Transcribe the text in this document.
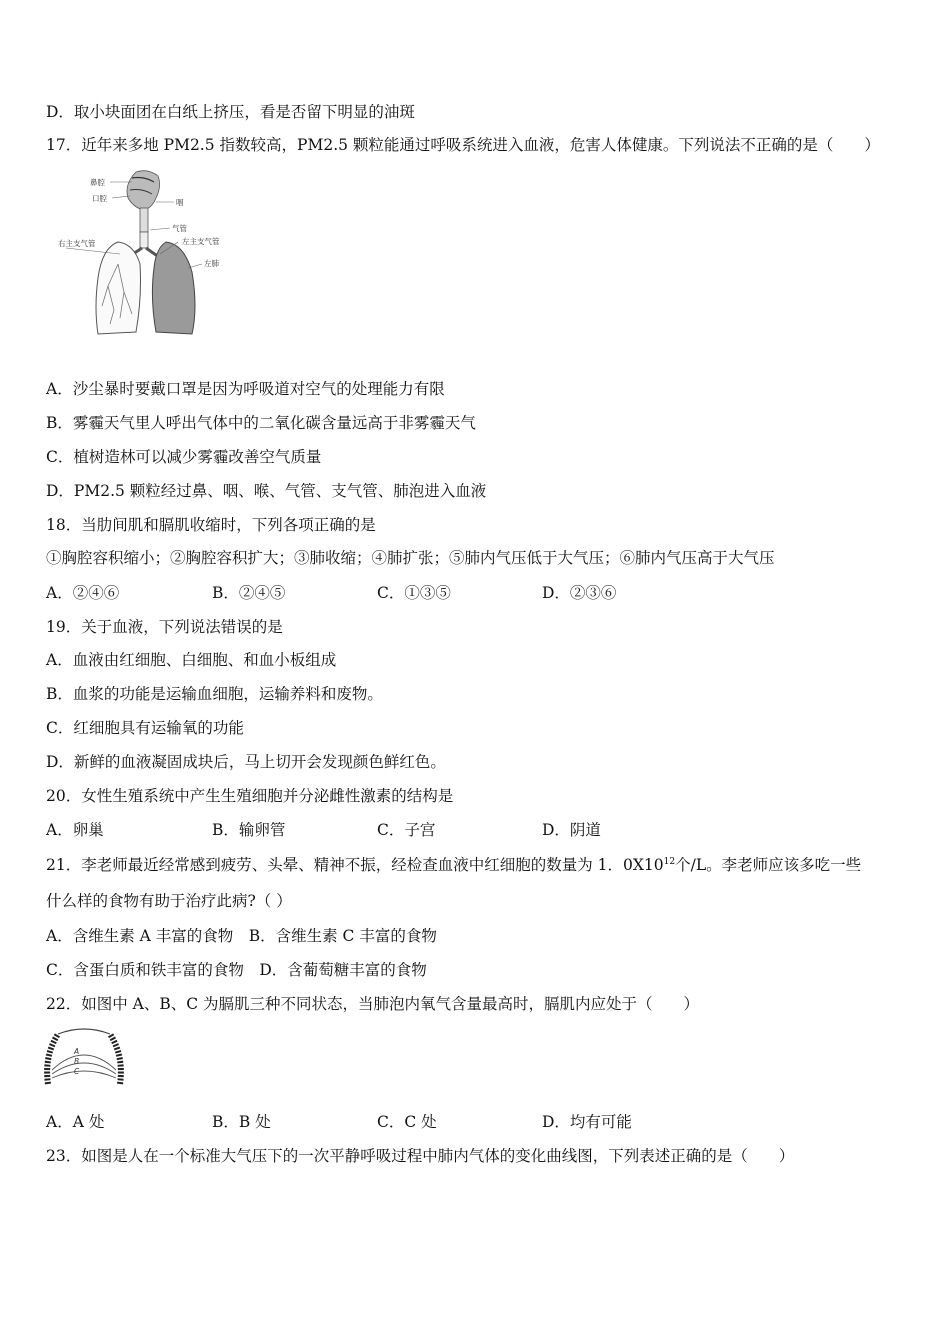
D．取小块面团在白纸上挤压，看是否留下明显的油斑
17．近年来多地 PM2.5 指数较高，PM2.5 颗粒能通过呼吸系统进入血液，危害人体健康。下列说法不正确的是（　　）
鼻腔
口腔	咽
气管
右主支气管	左主支气管
左肺
A．沙尘暴时要戴口罩是因为呼吸道对空气的处理能力有限
B．雾霾天气里人呼出气体中的二氧化碳含量远高于非雾霾天气
C．植树造林可以减少雾霾改善空气质量
D．PM2.5 颗粒经过鼻、咽、喉、气管、支气管、肺泡进入血液
18．当肋间肌和膈肌收缩时，下列各项正确的是
①胸腔容积缩小；②胸腔容积扩大；③肺收缩；④肺扩张；⑤肺内气压低于大气压；⑥肺内气压高于大气压
A．②④⑥	B．②④⑤	C．①③⑤	D．②③⑥
19．关于血液，下列说法错误的是
A．血液由红细胞、白细胞、和血小板组成
B．血浆的功能是运输血细胞，运输养料和废物。
C．红细胞具有运输氧的功能
D．新鲜的血液凝固成块后，马上切开会发现颜色鲜红色。
20．女性生殖系统中产生生殖细胞并分泌雌性激素的结构是
A．卵巢	B．输卵管	C．子宫	D．阴道
21．李老师最近经常感到疲劳、头晕、精神不振，经检查血液中红细胞的数量为 1．$0X10^{12}$个/L。李老师应该多吃一些
什么样的食物有助于治疗此病?（ ）
A．含维生素 A 丰富的食物　B．含维生素 C 丰富的食物
C．含蛋白质和铁丰富的食物　D．含葡萄糖丰富的食物
22．如图中 A、B、C 为膈肌三种不同状态，当肺泡内氧气含量最高时，膈肌内应处于（　　）
A
B
C
A．A 处	B．B 处	C．C 处	D．均有可能
23．如图是人在一个标准大气压下的一次平静呼吸过程中肺内气体的变化曲线图，下列表述正确的是（　　）
